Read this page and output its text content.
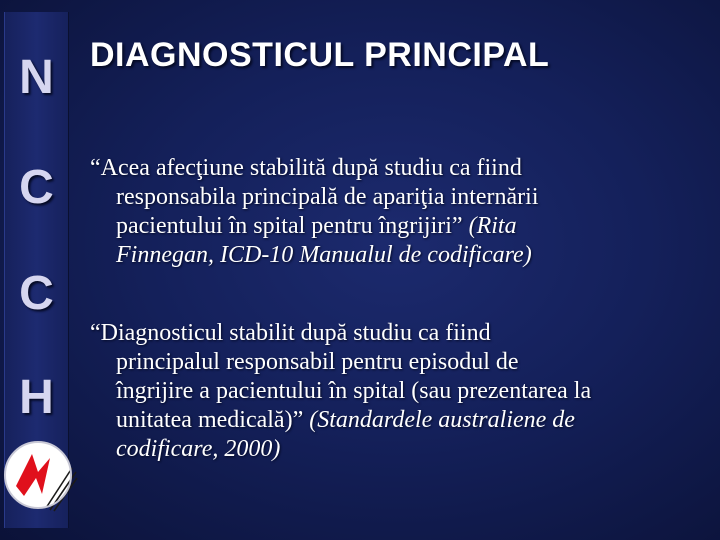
N
C
C
H
DIAGNOSTICUL PRINCIPAL
“Acea afecţiune stabilită după studiu ca fiind
responsabila principală de apariţia internării
pacientului în spital pentru îngrijiri” (Rita
Finnegan, ICD-10 Manualul de codificare)
“Diagnosticul stabilit după studiu ca fiind
principalul responsabil pentru episodul de
îngrijire a pacientului în spital (sau prezentarea la
unitatea medicală)” (Standardele australiene de
codificare, 2000)
